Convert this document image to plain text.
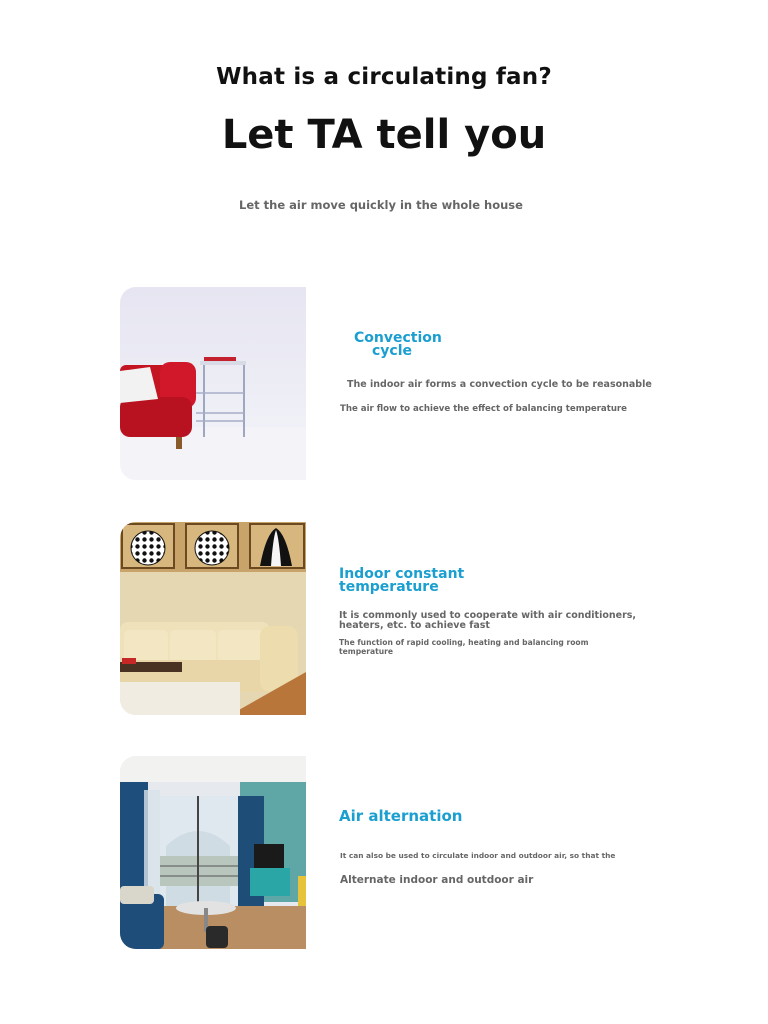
What is a circulating fan?
Let TA tell you
Let the air move quickly in the whole house
Convection
cycle
The indoor air forms a convection cycle to be reasonable
The air flow to achieve the effect of balancing temperature
Indoor constant
temperature
It is commonly used to cooperate with air conditioners,
heaters, etc. to achieve fast
The function of rapid cooling, heating and balancing room
temperature
Air alternation
It can also be used to circulate indoor and outdoor air, so that the
Alternate indoor and outdoor air
